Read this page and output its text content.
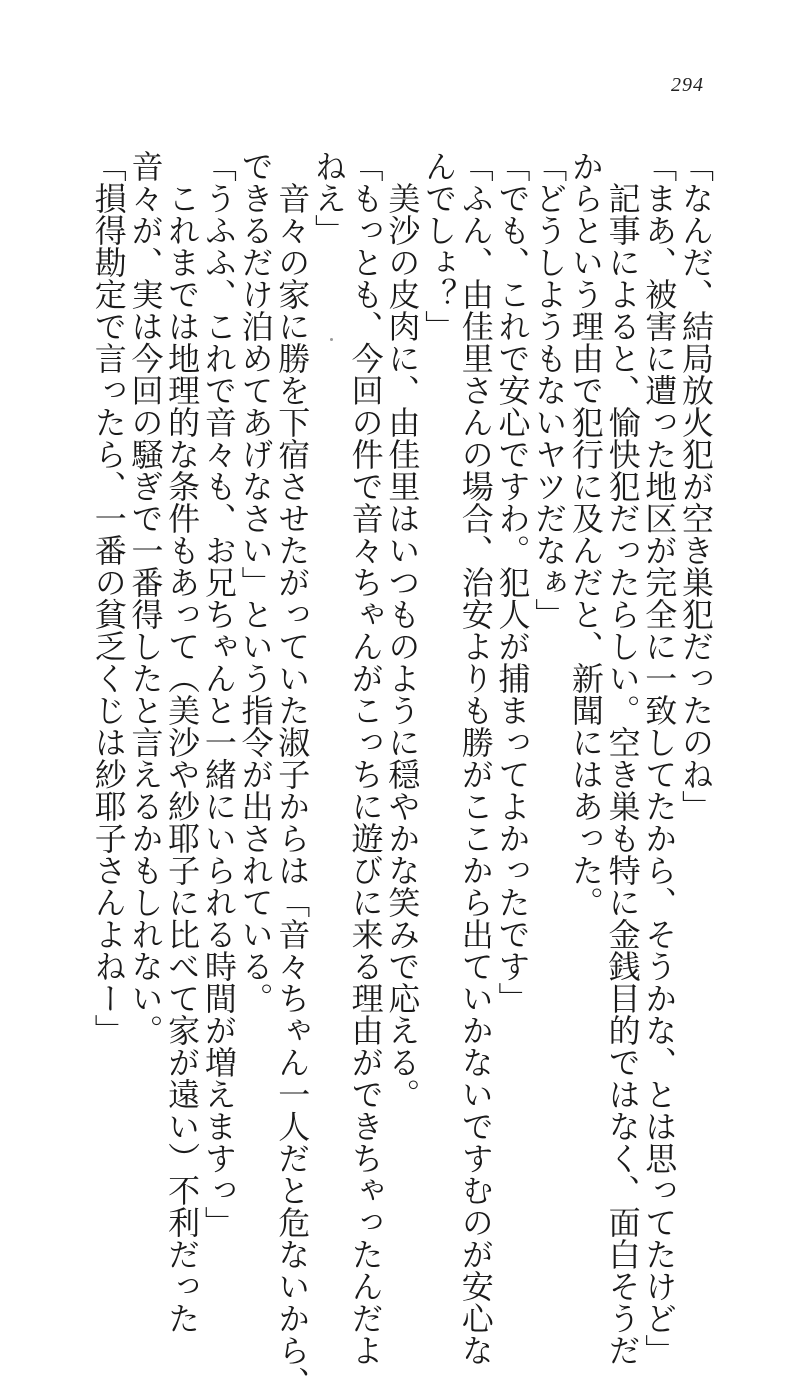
294
「なんだ、結局放火犯が空き巣犯だったのね」
「まあ、被害に遭った地区が完全に一致してたから、そうかな、とは思ってたけど」
　記事によると、愉快犯だったらしい。空き巣も特に金銭目的ではなく、面白そうだ
からという理由で犯行に及んだと、新聞にはあった。
「どうしようもないヤツだなぁ」
「でも、これで安心ですわ。犯人が捕まってよかったです」
「ふん、由佳里さんの場合、治安よりも勝がここから出ていかないですむのが安心な
んでしょ？」
　美沙の皮肉に、由佳里はいつものように穏やかな笑みで応える。
「もっとも、今回の件で音々ちゃんがこっちに遊びに来る理由ができちゃったんだよ
ねえ」
　音々の家に勝を下宿させたがっていた淑子からは「音々ちゃん一人だと危ないから、
できるだけ泊めてあげなさい」という指令が出されている。
「うふふ、これで音々も、お兄ちゃんと一緒にいられる時間が増えますっ」
　これまでは地理的な条件もあって（美沙や紗耶子に比べて家が遠い）不利だった
音々が、実は今回の騒ぎで一番得したと言えるかもしれない。
「損得勘定で言ったら、一番の貧乏くじは紗耶子さんよねー」
